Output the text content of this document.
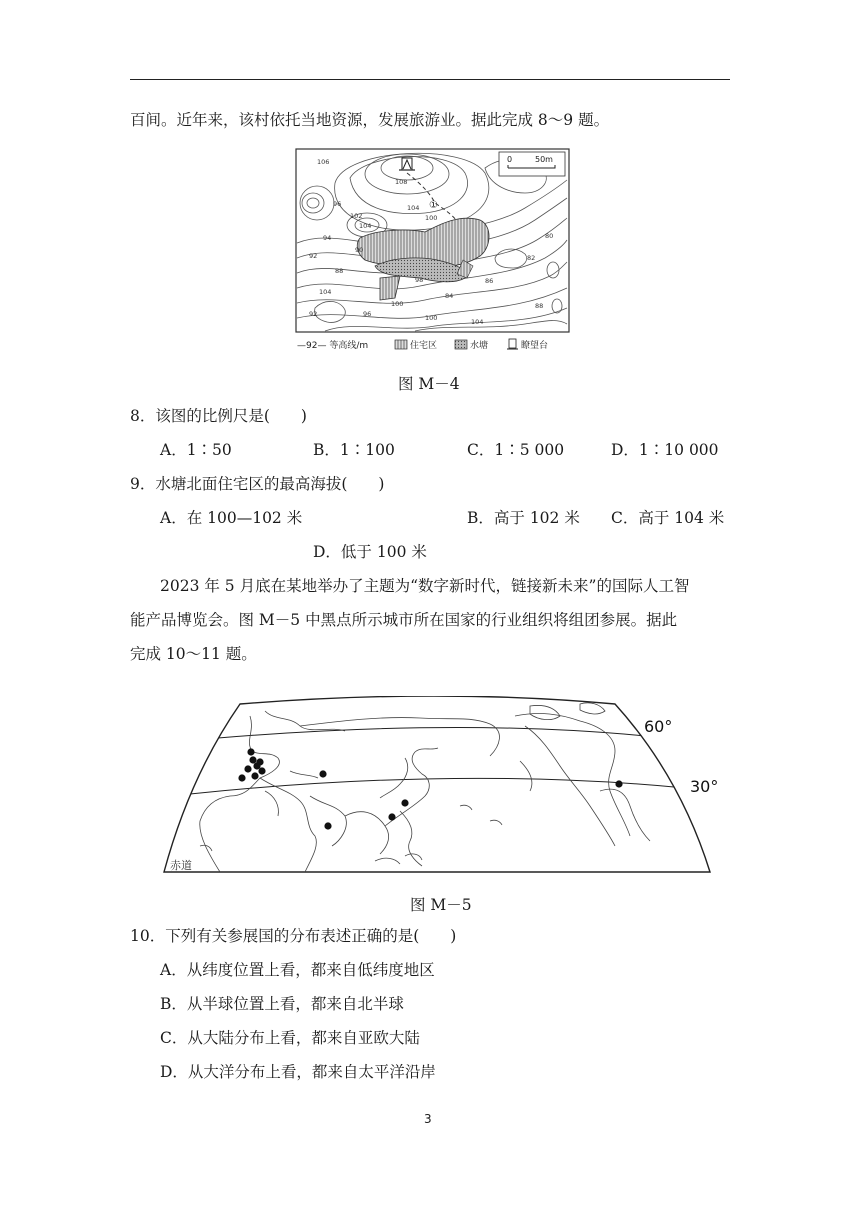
百间。近年来，该村依托当地资源，发展旅游业。据此完成 8～9 题。
①
0	50m
108
106
104
102	100
104
96
94
92
90
88
98
84
86
80
82
88
100
104
92	96	100	104
—92— 等高线/m	住宅区	水塘	瞭望台
图 M－4
8．该图的比例尺是(　　)
A．1∶50	B．1∶100	C．1∶5 000	D．1∶10 000
9．水塘北面住宅区的最高海拔(　　)
A．在 100—102 米	B．高于 102 米 C．高于 104 米
D．低于 100 米
2023 年 5 月底在某地举办了主题为“数字新时代，链接新未来”的国际人工智
能产品博览会。图 M－5 中黑点所示城市所在国家的行业组织将组团参展。据此
完成 10～11 题。
60°
30°
赤道
图 M－5
10．下列有关参展国的分布表述正确的是(　　)
A．从纬度位置上看，都来自低纬度地区
B．从半球位置上看，都来自北半球
C．从大陆分布上看，都来自亚欧大陆
D．从大洋分布上看，都来自太平洋沿岸
3
